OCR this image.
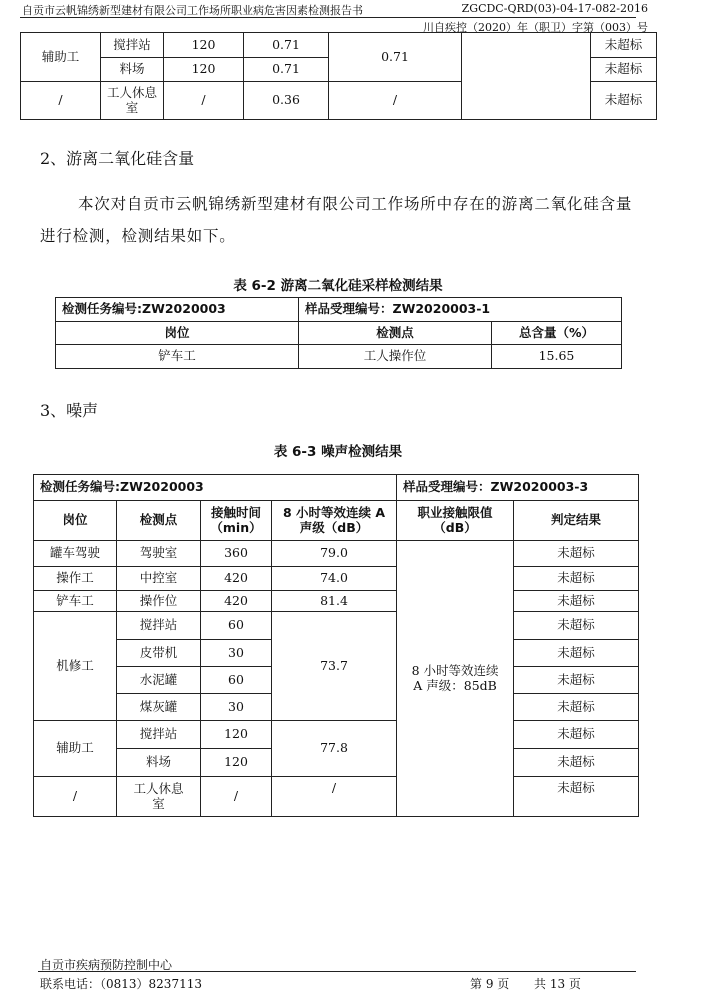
自贡市云帆锦绣新型建材有限公司工作场所职业病危害因素检测报告书	ZGCDC-QRD(03)-04-17-082-2016
川自疾控（2020）年（职卫）字第（003）号
辅助工	搅拌站	120	0.71	0.71		未超标
	料场	120	0.71			未超标
/	工人休息室	/	0.36	/		未超标
2、游离二氧化硅含量
本次对自贡市云帆锦绣新型建材有限公司工作场所中存在的游离二氧化硅含量进行检测，检测结果如下。
表 6-2 游离二氧化硅采样检测结果
检测任务编号:ZW2020003	样品受理编号：ZW2020003-1	
岗位	检测点	总含量（%）
铲车工	工人操作位	15.65
3、噪声
表 6-3 噪声检测结果
检测任务编号:ZW2020003				样品受理编号：ZW2020003-3	
岗位	检测点	接触时间（min）	8 小时等效连续 A 声级（dB）	职业接触限值（dB）	判定结果
罐车驾驶	驾驶室	360	79.0	8 小时等效连续 A 声级：85dB	未超标
操作工	中控室	420	74.0		未超标
铲车工	操作位	420	81.4		未超标
机修工	搅拌站	60	73.7		未超标
	皮带机	30			未超标
	水泥罐	60			未超标
	煤灰罐	30			未超标
辅助工	搅拌站	120	77.8		未超标
	料场	120			未超标
/	工人休息室	/	/		未超标
自贡市疾病预防控制中心
联系电话：（0813）8237113	第 9 页 共 13 页
